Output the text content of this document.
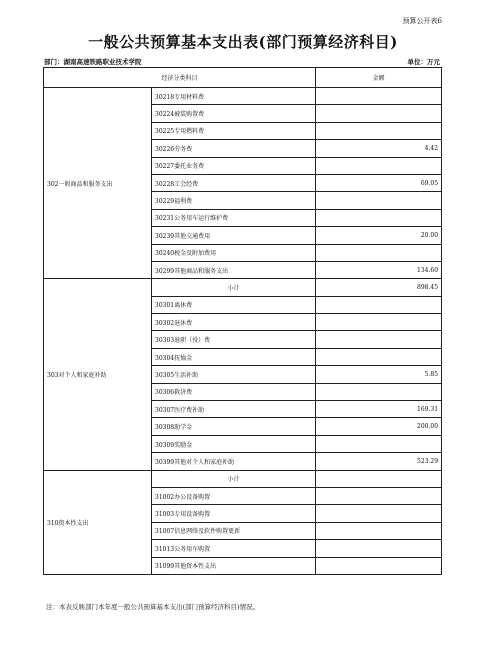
预算公开表6
一般公共预算基本支出表(部门预算经济科目)
部门：湖南高速铁路职业技术学院	单位：万元
经济分类科目		金额
302一般商品和服务支出	30218专用材料费	
	30224被装购置费	
	30225专用燃料费	
	30226劳务费	4.42
	30227委托业务费	
	30228工会经费	69.05
	30229福利费	
	30231公务用车运行维护费	
	30239其他交通费用	20.00
	30240税金及附加费用	
	30299其他商品和服务支出	134.60
303对个人和家庭补助	小计	898.45
	30301离休费	
	30302退休费	
	30303退职（役）费	
	30304抚恤金	
	30305生活补助	5.85
	30306救济费	
	30307医疗费补助	169.31
	30308助学金	200.00
	30309奖励金	
	30399其他对个人和家庭补助	523.29
310资本性支出	小计	
	31002办公设备购置	
	31003专用设备购置	
	31007信息网络及软件购置更新	
	31013公务用车购置	
	31099其他资本性支出	
注：本表反映部门本年度一般公共预算基本支出(部门预算经济科目)情况。
